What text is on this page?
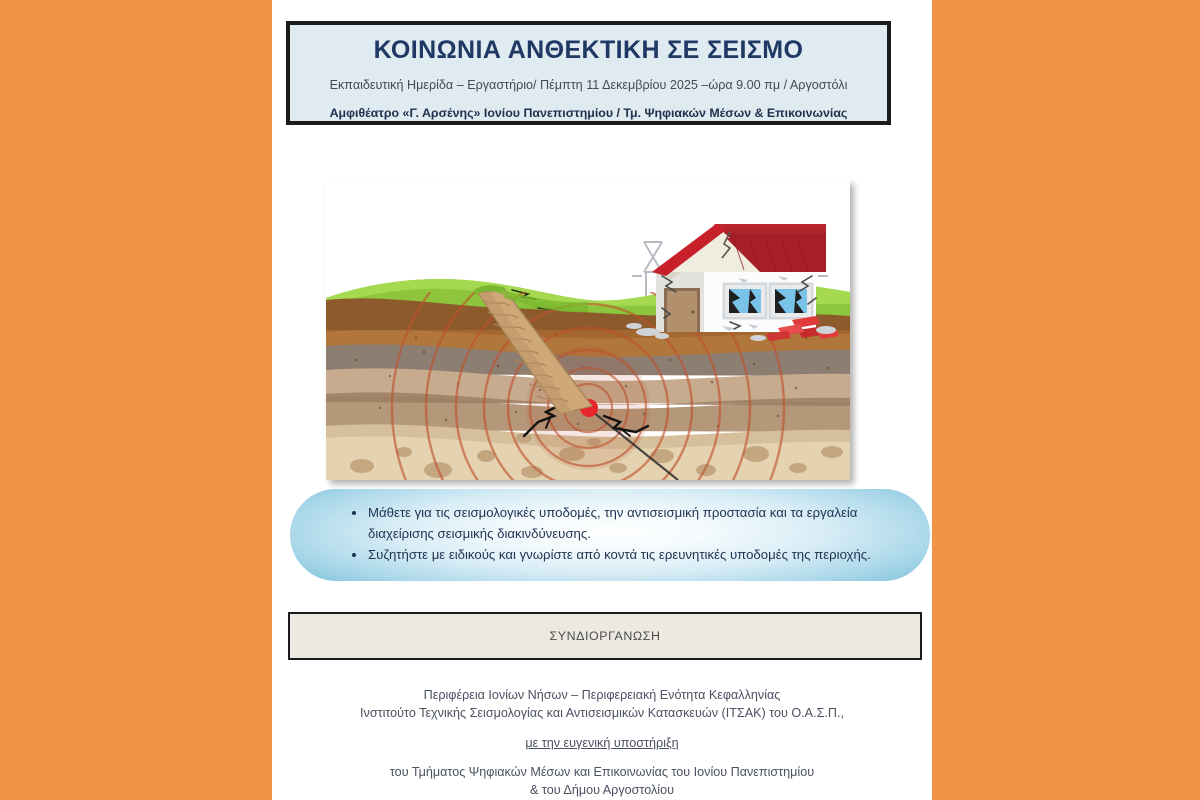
ΚΟΙΝΩΝΙΑ ΑΝΘΕΚΤΙΚΗ ΣΕ ΣΕΙΣΜΟ
Εκπαιδευτική Ημερίδα – Εργαστήριο/ Πέμπτη 11 Δεκεμβρίου 2025 –ώρα 9.00 πμ / Αργοστόλι
Αμφιθέατρο «Γ. Αρσένης» Ιονίου Πανεπιστημίου / Τμ. Ψηφιακών Μέσων & Επικοινωνίας
Μάθετε για τις σεισμολογικές υποδομές, την αντισεισμική προστασία και τα εργαλεία διαχείρισης σεισμικής διακινδύνευσης.
Συζητήστε με ειδικούς και γνωρίστε από κοντά τις ερευνητικές υποδομές της περιοχής.
ΣΥΝΔΙΟΡΓΑΝΩΣΗ
Περιφέρεια Ιονίων Νήσων – Περιφερειακή Ενότητα Κεφαλληνίας
Ινστιτούτο Τεχνικής Σεισμολογίας και Αντισεισμικών Κατασκευών (ΙΤΣΑΚ) του Ο.Α.Σ.Π.,
με την ευγενική υποστήριξη
του Τμήματος Ψηφιακών Μέσων και Επικοινωνίας του Ιονίου Πανεπιστημίου
& του Δήμου Αργοστολίου
